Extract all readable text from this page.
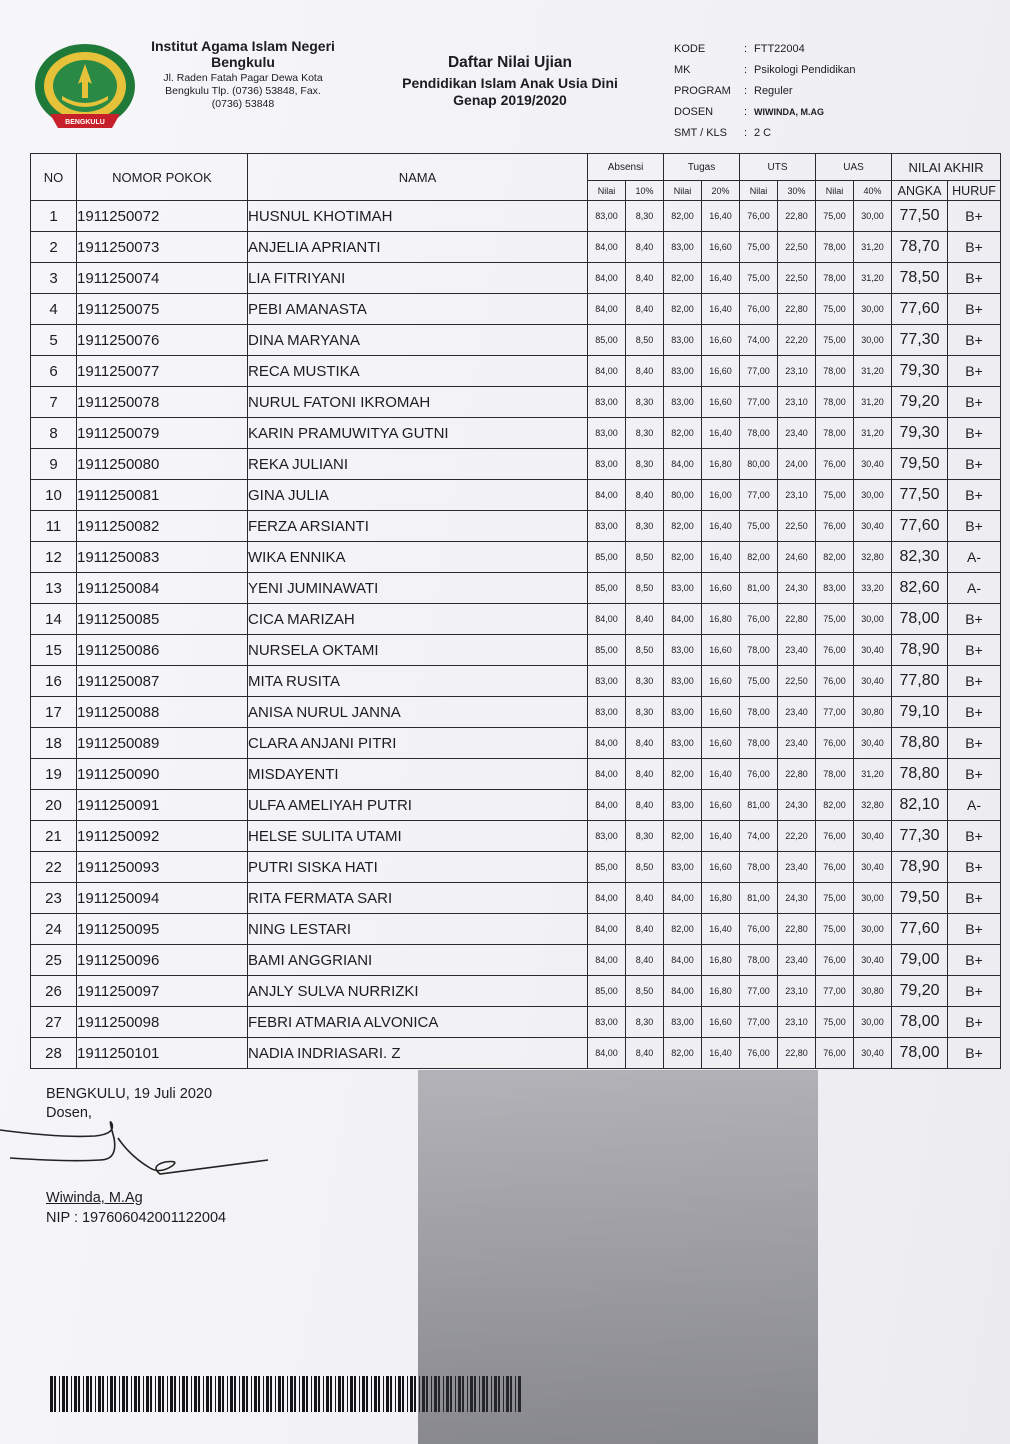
BENGKULU
Institut Agama Islam Negeri
Bengkulu
Jl. Raden Fatah Pagar Dewa Kota
Bengkulu Tlp. (0736) 53848, Fax.
(0736) 53848
Daftar Nilai Ujian
Pendidikan Islam Anak Usia Dini
Genap 2019/2020
KODE	: FTT22004
MK	: Psikologi Pendidikan
PROGRAM	: Reguler
DOSEN	: WIWINDA, M.AG
SMT / KLS	: 2 C
NO	NOMOR POKOK	NAMA	Absensi		Tugas		UTS		UAS		NILAI AKHIR	
			Nilai	10%	Nilai	20%	Nilai	30%	Nilai	40%	ANGKA	HURUF
1	1911250072	HUSNUL KHOTIMAH	83,00	8,30	82,00	16,40	76,00	22,80	75,00	30,00	77,50	B+
2	1911250073	ANJELIA APRIANTI	84,00	8,40	83,00	16,60	75,00	22,50	78,00	31,20	78,70	B+
3	1911250074	LIA FITRIYANI	84,00	8,40	82,00	16,40	75,00	22,50	78,00	31,20	78,50	B+
4	1911250075	PEBI AMANASTA	84,00	8,40	82,00	16,40	76,00	22,80	75,00	30,00	77,60	B+
5	1911250076	DINA MARYANA	85,00	8,50	83,00	16,60	74,00	22,20	75,00	30,00	77,30	B+
6	1911250077	RECA MUSTIKA	84,00	8,40	83,00	16,60	77,00	23,10	78,00	31,20	79,30	B+
7	1911250078	NURUL FATONI IKROMAH	83,00	8,30	83,00	16,60	77,00	23,10	78,00	31,20	79,20	B+
8	1911250079	KARIN PRAMUWITYA GUTNI	83,00	8,30	82,00	16,40	78,00	23,40	78,00	31,20	79,30	B+
9	1911250080	REKA JULIANI	83,00	8,30	84,00	16,80	80,00	24,00	76,00	30,40	79,50	B+
10	1911250081	GINA JULIA	84,00	8,40	80,00	16,00	77,00	23,10	75,00	30,00	77,50	B+
11	1911250082	FERZA ARSIANTI	83,00	8,30	82,00	16,40	75,00	22,50	76,00	30,40	77,60	B+
12	1911250083	WIKA ENNIKA	85,00	8,50	82,00	16,40	82,00	24,60	82,00	32,80	82,30	A-
13	1911250084	YENI JUMINAWATI	85,00	8,50	83,00	16,60	81,00	24,30	83,00	33,20	82,60	A-
14	1911250085	CICA MARIZAH	84,00	8,40	84,00	16,80	76,00	22,80	75,00	30,00	78,00	B+
15	1911250086	NURSELA OKTAMI	85,00	8,50	83,00	16,60	78,00	23,40	76,00	30,40	78,90	B+
16	1911250087	MITA RUSITA	83,00	8,30	83,00	16,60	75,00	22,50	76,00	30,40	77,80	B+
17	1911250088	ANISA NURUL JANNA	83,00	8,30	83,00	16,60	78,00	23,40	77,00	30,80	79,10	B+
18	1911250089	CLARA ANJANI PITRI	84,00	8,40	83,00	16,60	78,00	23,40	76,00	30,40	78,80	B+
19	1911250090	MISDAYENTI	84,00	8,40	82,00	16,40	76,00	22,80	78,00	31,20	78,80	B+
20	1911250091	ULFA AMELIYAH PUTRI	84,00	8,40	83,00	16,60	81,00	24,30	82,00	32,80	82,10	A-
21	1911250092	HELSE SULITA UTAMI	83,00	8,30	82,00	16,40	74,00	22,20	76,00	30,40	77,30	B+
22	1911250093	PUTRI SISKA HATI	85,00	8,50	83,00	16,60	78,00	23,40	76,00	30,40	78,90	B+
23	1911250094	RITA FERMATA SARI	84,00	8,40	84,00	16,80	81,00	24,30	75,00	30,00	79,50	B+
24	1911250095	NING LESTARI	84,00	8,40	82,00	16,40	76,00	22,80	75,00	30,00	77,60	B+
25	1911250096	BAMI ANGGRIANI	84,00	8,40	84,00	16,80	78,00	23,40	76,00	30,40	79,00	B+
26	1911250097	ANJLY SULVA NURRIZKI	85,00	8,50	84,00	16,80	77,00	23,10	77,00	30,80	79,20	B+
27	1911250098	FEBRI ATMARIA ALVONICA	83,00	8,30	83,00	16,60	77,00	23,10	75,00	30,00	78,00	B+
28	1911250101	NADIA INDRIASARI. Z	84,00	8,40	82,00	16,40	76,00	22,80	76,00	30,40	78,00	B+
BENGKULU, 19 Juli 2020
Dosen,
Wiwinda, M.Ag
NIP : 197606042001122004
